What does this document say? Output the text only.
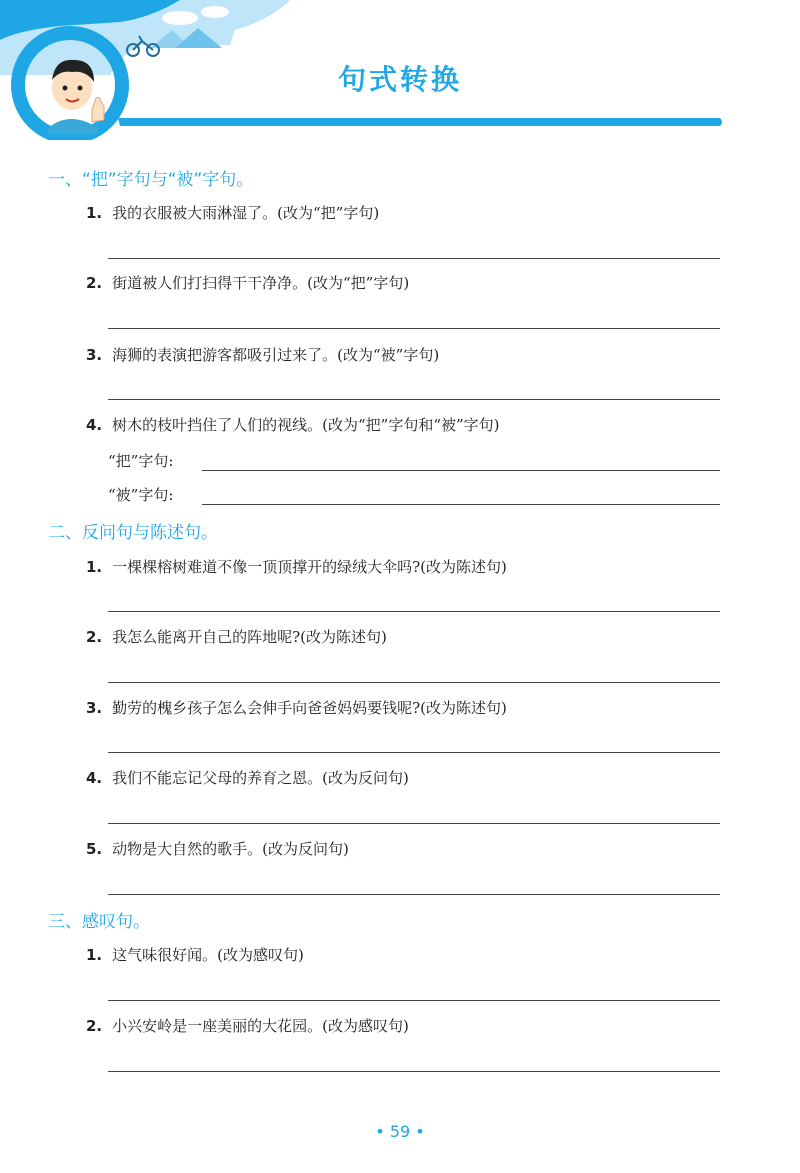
句式转换
一、“把”字句与“被”字句。
1. 我的衣服被大雨淋湿了。(改为“把”字句)
2. 街道被人们打扫得干干净净。(改为“把”字句)
3. 海狮的表演把游客都吸引过来了。(改为“被”字句)
4. 树木的枝叶挡住了人们的视线。(改为“把”字句和“被”字句)
“把”字句:
“被”字句:
二、反问句与陈述句。
1. 一棵棵榕树难道不像一顶顶撑开的绿绒大伞吗?(改为陈述句)
2. 我怎么能离开自己的阵地呢?(改为陈述句)
3. 勤劳的槐乡孩子怎么会伸手向爸爸妈妈要钱呢?(改为陈述句)
4. 我们不能忘记父母的养育之恩。(改为反问句)
5. 动物是大自然的歌手。(改为反问句)
三、感叹句。
1. 这气味很好闻。(改为感叹句)
2. 小兴安岭是一座美丽的大花园。(改为感叹句)
• 59 •
